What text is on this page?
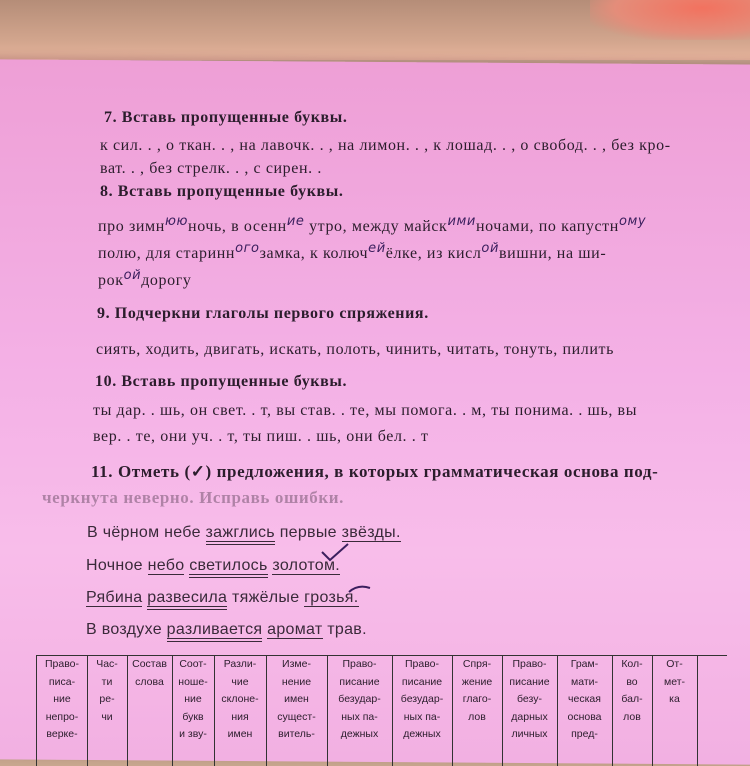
7. Вставь пропущенные буквы.
к сил. . , о ткан. . , на лавочк. . , на лимон. . , к лошад. . , о свобод. . , без кро-
ват. . , без стрелк. . , с сирен. .
8. Вставь пропущенные буквы.
про зимн$^{юю}$ночь, в осенн$^{ие}$ утро, между майск$^{ими}$ночами, по капустн$^{ому}$
полю, для старинн$^{ого}$замка, к колюч$^{ей}$ёлке, из кисл$^{ой}$вишни, на ши-
рок$^{ой}$дорогу
9. Подчеркни глаголы первого спряжения.
сиять, ходить, двигать, искать, полоть, чинить, читать, тонуть, пилить
10. Вставь пропущенные буквы.
ты дар. . шь, он свет. . т, вы став. . те, мы помога. . м, ты понима. . шь, вы
вер. . те, они уч. . т, ты пиш. . шь, они бел. . т
11. Отметь (✓) предложения, в которых грамматическая основа под-
черкнута неверно. Исправь ошибки.
В чёрном небе зажглись первые звёзды.
Ночное небо светилось золотом.
Рябина развесила тяжёлые грозья.
В воздухе разливается аромат трав.
Право-
писа-
ние
непро-
верке-
Час-
ти
ре-
чи
Состав
слова
Соот-
ноше-
ние
букв
и зву-
Разли-
чие
склоне-
ния
имен
Изме-
нение
имен
сущест-
витель-
Право-
писание
безудар-
ных па-
дежных
Право-
писание
безудар-
ных па-
дежных
Спря-
жение
глаго-
лов
Право-
писание
безу-
дарных
личных
Грам-
мати-
ческая
основа
пред-
Кол-
во
бал-
лов
От-
мет-
ка
